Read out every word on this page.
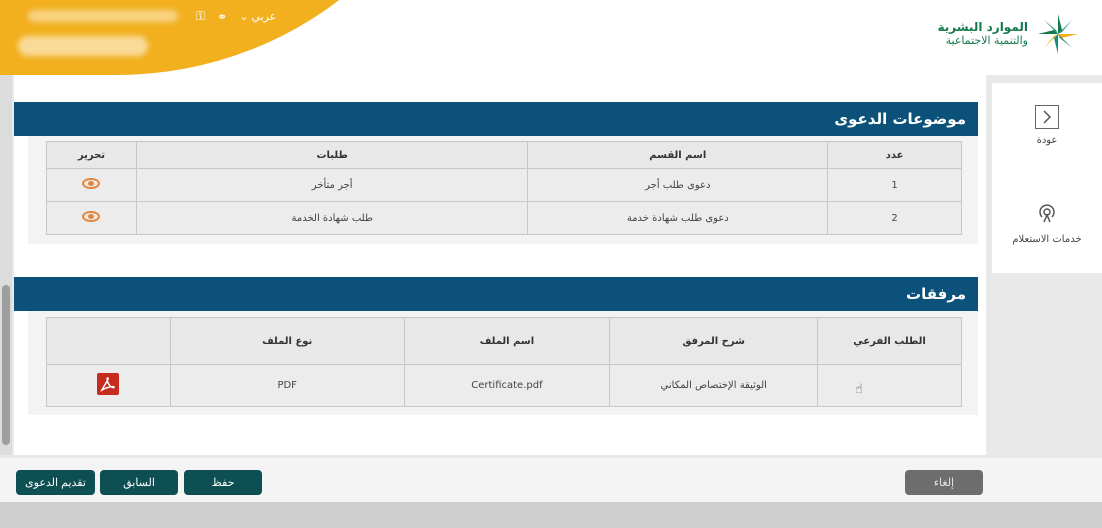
⚿ ⚭ ⌄ عربي
الموارد البشرية
والتنمية الاجتماعية
موضوعات الدعوى
تحرير	طلبات	اسم القسم	عدد
	أجر متأخر	دعوى طلب أجر	1
	طلب شهادة الخدمة	دعوى طلب شهادة خدمة	2
مرفقات
	نوع الملف	اسم الملف	شرح المرفق	الطلب الفرعي

	PDF	Certificate.pdf	الوثيقة الإختصاص المكاني		☝
عودة
خدمات الاستعلام
تقديم الدعوى	السابق	حفظ	إلغاء
